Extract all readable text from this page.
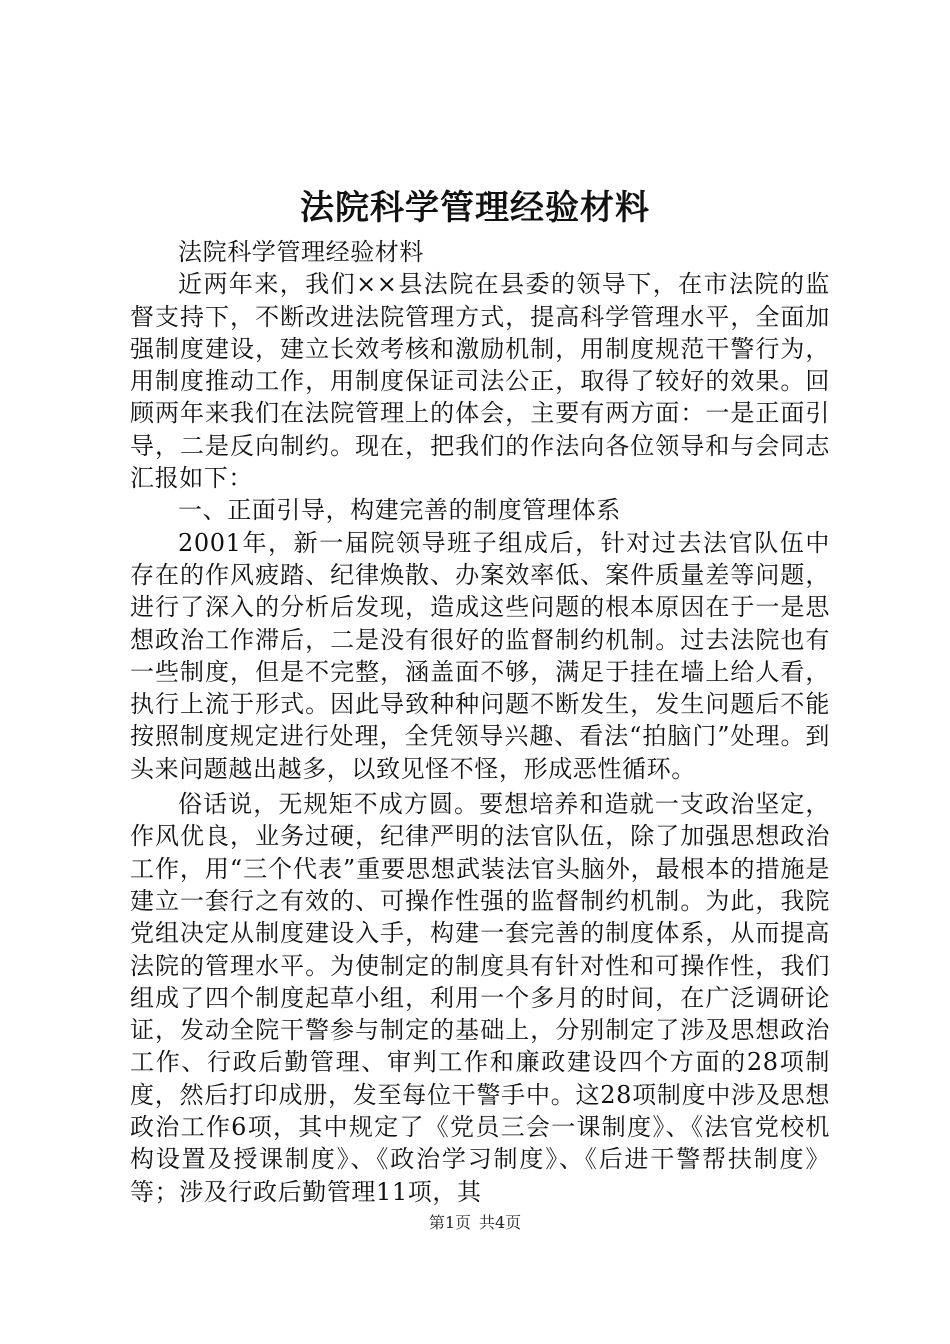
法院科学管理经验材料

法院科学管理经验材料

近两年来，我们××县法院在县委的领导下，在市法院的监督支持下，不断改进法院管理方式，提高科学管理水平，全面加强制度建设，建立长效考核和激励机制，用制度规范干警行为，用制度推动工作，用制度保证司法公正，取得了较好的效果。回顾两年来我们在法院管理上的体会，主要有两方面：一是正面引导，二是反向制约。现在，把我们的作法向各位领导和与会同志汇报如下：

一、正面引导，构建完善的制度管理体系

2001年，新一届院领导班子组成后，针对过去法官队伍中存在的作风疲踏、纪律焕散、办案效率低、案件质量差等问题，进行了深入的分析后发现，造成这些问题的根本原因在于一是思想政治工作滞后，二是没有很好的监督制约机制。过去法院也有一些制度，但是不完整，涵盖面不够，满足于挂在墙上给人看，执行上流于形式。因此导致种种问题不断发生，发生问题后不能按照制度规定进行处理，全凭领导兴趣、看法“拍脑门”处理。到头来问题越出越多，以致见怪不怪，形成恶性循环。

俗话说，无规矩不成方圆。要想培养和造就一支政治坚定，作风优良，业务过硬，纪律严明的法官队伍，除了加强思想政治工作，用“三个代表”重要思想武装法官头脑外，最根本的措施是建立一套行之有效的、可操作性强的监督制约机制。为此，我院党组决定从制度建设入手，构建一套完善的制度体系，从而提高法院的管理水平。为使制定的制度具有针对性和可操作性，我们组成了四个制度起草小组，利用一个多月的时间，在广泛调研论证，发动全院干警参与制定的基础上，分别制定了涉及思想政治工作、行政后勤管理、审判工作和廉政建设四个方面的28项制度，然后打印成册，发至每位干警手中。这28项制度中涉及思想政治工作6项，其中规定了《党员三会一课制度》、《法官党校机构设置及授课制度》、《政治学习制度》、《后进干警帮扶制度》等；涉及行政后勤管理11项，其

第1页 共4页
